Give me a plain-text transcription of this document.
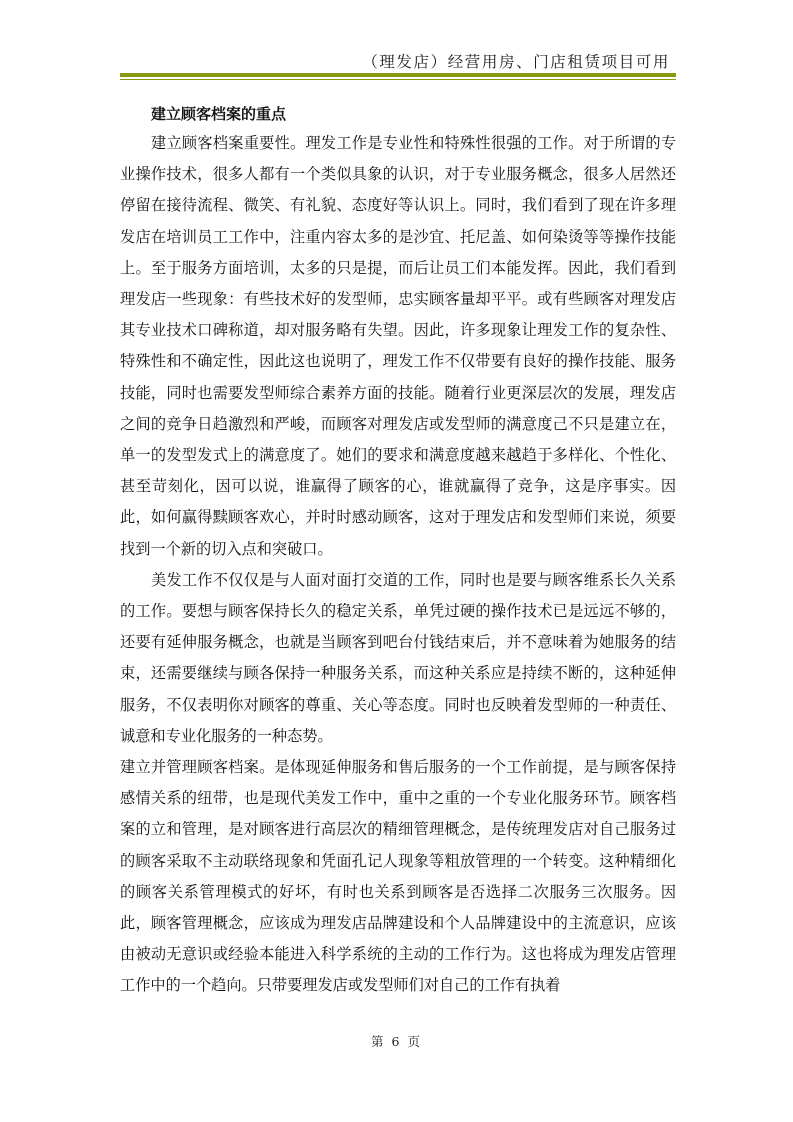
（理发店）经营用房、门店租赁项目可用

建立顾客档案的重点

建立顾客档案重要性。理发工作是专业性和特殊性很强的工作。对于所谓的专业操作技术，很多人都有一个类似具象的认识，对于专业服务概念，很多人居然还停留在接待流程、微笑、有礼貌、态度好等认识上。同时，我们看到了现在许多理发店在培训员工工作中，注重内容太多的是沙宜、托尼盖、如何染烫等等操作技能上。至于服务方面培训，太多的只是提，而后让员工们本能发挥。因此，我们看到理发店一些现象：有些技术好的发型师，忠实顾客量却平平。或有些顾客对理发店其专业技术口碑称道，却对服务略有失望。因此，许多现象让理发工作的复杂性、特殊性和不确定性，因此这也说明了，理发工作不仅带要有良好的操作技能、服务技能，同时也需要发型师综合素养方面的技能。随着行业更深层次的发展，理发店之间的竞争日趋激烈和严峻，而顾客对理发店或发型师的满意度己不只是建立在，单一的发型发式上的满意度了。她们的要求和满意度越来越趋于多样化、个性化、甚至苛刻化，因可以说，谁赢得了顾客的心，谁就赢得了竞争，这是序事实。因此，如何赢得黩顾客欢心，并时时感动顾客，这对于理发店和发型师们来说，须要找到一个新的切入点和突破口。

美发工作不仅仅是与人面对面打交道的工作，同时也是要与顾客维系长久关系的工作。要想与顾客保持长久的稳定关系，单凭过硬的操作技术已是远远不够的，还要有延伸服务概念，也就是当顾客到吧台付钱结束后，并不意味着为她服务的结束，还需要继续与顾各保持一种服务关系，而这种关系应是持续不断的，这种延伸服务，不仅表明你对顾客的尊重、关心等态度。同时也反映着发型师的一种责任、诚意和专业化服务的一种态势。

建立并管理顾客档案。是体现延伸服务和售后服务的一个工作前提，是与顾客保持感情关系的纽带，也是现代美发工作中，重中之重的一个专业化服务环节。顾客档案的立和管理，是对顾客进行高层次的精细管理概念，是传统理发店对自己服务过的顾客采取不主动联络现象和凭面孔记人现象等粗放管理的一个转变。这种精细化的顾客关系管理模式的好坏，有时也关系到顾客是否选择二次服务三次服务。因此，顾客管理概念，应该成为理发店品牌建设和个人品牌建设中的主流意识，应该由被动无意识或经验本能进入科学系统的主动的工作行为。这也将成为理发店管理工作中的一个趋向。只带要理发店或发型师们对自己的工作有执着

第 6 页
